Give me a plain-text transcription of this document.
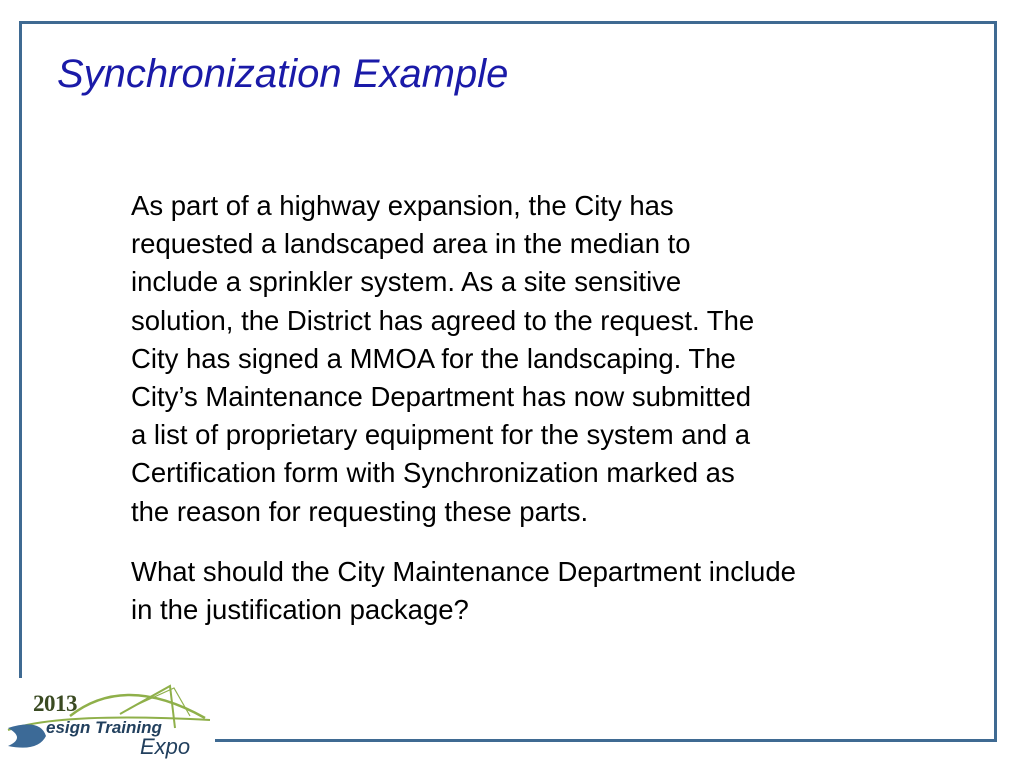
Synchronization Example

As part of a highway expansion, the City has
requested a landscaped area in the median to
include a sprinkler system. As a site sensitive
solution, the District has agreed to the request. The
City has signed a MMOA for the landscaping. The
City’s Maintenance Department has now submitted
a list of proprietary equipment for the system and a
Certification form with Synchronization marked as
the reason for requesting these parts.

What should the City Maintenance Department include
in the justification package?

2013
esign Training
Expo
